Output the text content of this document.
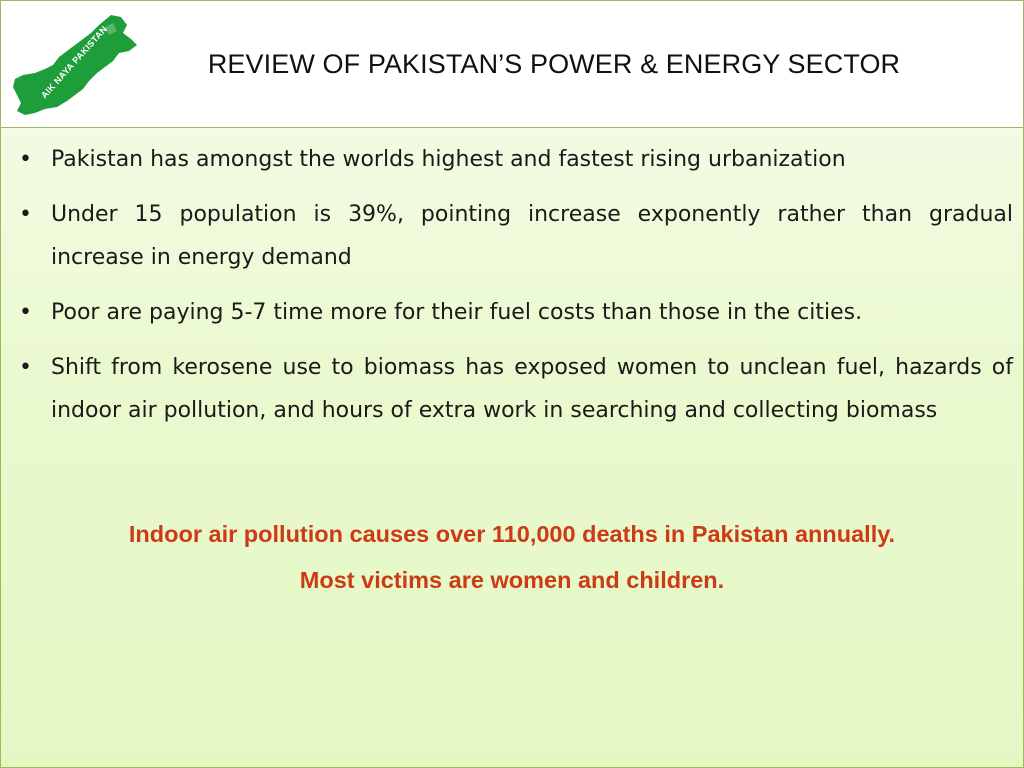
AIK NAYA PAKISTAN	REVIEW OF PAKISTAN’S POWER & ENERGY SECTOR
• Pakistan has amongst the worlds highest and fastest rising urbanization
• Under 15 population is 39%, pointing increase exponently rather than gradual increase in energy demand
• Poor are paying 5-7 time more for their fuel costs than those in the cities.
• Shift from kerosene use to biomass has exposed women to unclean fuel, hazards of indoor air pollution, and hours of extra work in searching and collecting biomass
Indoor air pollution causes over 110,000 deaths in Pakistan annually.
Most victims are women and children.
